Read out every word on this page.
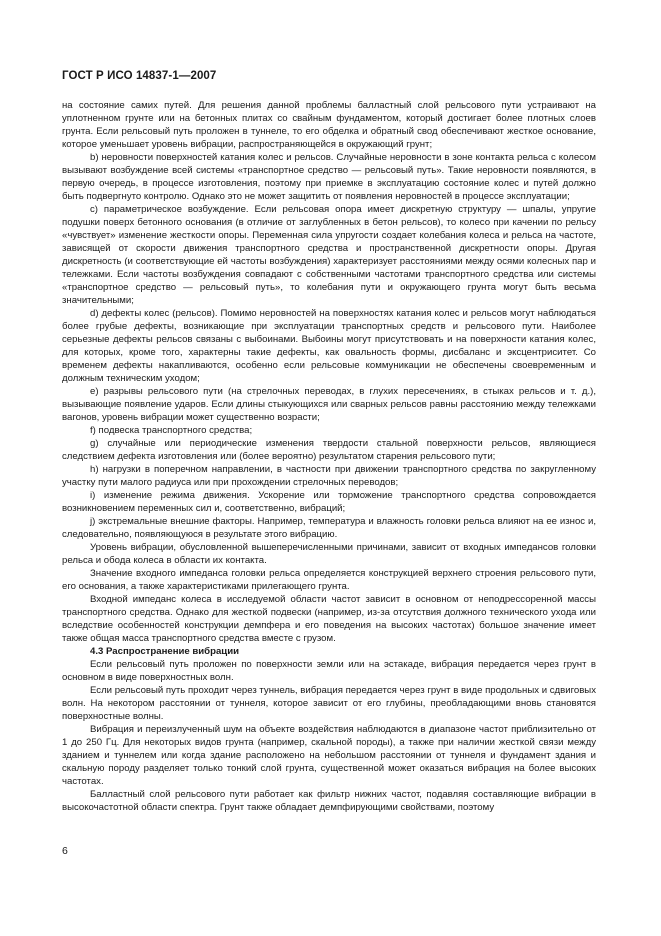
ГОСТ Р ИСО 14837-1—2007

на состояние самих путей. Для решения данной проблемы балластный слой рельсового пути устраивают на уплотненном грунте или на бетонных плитах со свайным фундаментом, который достигает более плотных слоев грунта. Если рельсовый путь проложен в туннеле, то его обделка и обратный свод обеспечивают жесткое основание, которое уменьшает уровень вибрации, распространяющейся в окружающий грунт;

b) неровности поверхностей катания колес и рельсов. Случайные неровности в зоне контакта рельса с колесом вызывают возбуждение всей системы «транспортное средство — рельсовый путь». Такие неровности появляются, в первую очередь, в процессе изготовления, поэтому при приемке в эксплуатацию состояние колес и путей должно быть подвергнуто контролю. Однако это не может защитить от появления неровностей в процессе эксплуатации;

c) параметрическое возбуждение. Если рельсовая опора имеет дискретную структуру — шпалы, упругие подушки поверх бетонного основания (в отличие от заглубленных в бетон рельсов), то колесо при качении по рельсу «чувствует» изменение жесткости опоры. Переменная сила упругости создает колебания колеса и рельса на частоте, зависящей от скорости движения транспортного средства и пространственной дискретности опоры. Другая дискретность (и соответствующие ей частоты возбуждения) характеризует расстояниями между осями колесных пар и тележками. Если частоты возбуждения совпадают с собственными частотами транспортного средства или системы «транспортное средство — рельсовый путь», то колебания пути и окружающего грунта могут быть весьма значительными;

d) дефекты колес (рельсов). Помимо неровностей на поверхностях катания колес и рельсов могут наблюдаться более грубые дефекты, возникающие при эксплуатации транспортных средств и рельсового пути. Наиболее серьезные дефекты рельсов связаны с выбоинами. Выбоины могут присутствовать и на поверхности катания колес, для которых, кроме того, характерны такие дефекты, как овальность формы, дисбаланс и эксцентриситет. Со временем дефекты накапливаются, особенно если рельсовые коммуникации не обеспечены своевременным и должным техническим уходом;

e) разрывы рельсового пути (на стрелочных переводах, в глухих пересечениях, в стыках рельсов и т. д.), вызывающие появление ударов. Если длины стыкующихся или сварных рельсов равны расстоянию между тележками вагонов, уровень вибрации может существенно возрасти;

f) подвеска транспортного средства;

g) случайные или периодические изменения твердости стальной поверхности рельсов, являющиеся следствием дефекта изготовления или (более вероятно) результатом старения рельсового пути;

h) нагрузки в поперечном направлении, в частности при движении транспортного средства по закругленному участку пути малого радиуса или при прохождении стрелочных переводов;

i) изменение режима движения. Ускорение или торможение транспортного средства сопровождается возникновением переменных сил и, соответственно, вибраций;

j) экстремальные внешние факторы. Например, температура и влажность головки рельса влияют на ее износ и, следовательно, появляющуюся в результате этого вибрацию.

Уровень вибрации, обусловленной вышеперечисленными причинами, зависит от входных импедансов головки рельса и обода колеса в области их контакта.

Значение входного импеданса головки рельса определяется конструкцией верхнего строения рельсового пути, его основания, а также характеристиками прилегающего грунта.

Входной импеданс колеса в исследуемой области частот зависит в основном от неподрессоренной массы транспортного средства. Однако для жесткой подвески (например, из-за отсутствия должного технического ухода или вследствие особенностей конструкции демпфера и его поведения на высоких частотах) большое значение имеет также общая масса транспортного средства вместе с грузом.

4.3 Распространение вибрации

Если рельсовый путь проложен по поверхности земли или на эстакаде, вибрация передается через грунт в основном в виде поверхностных волн.

Если рельсовый путь проходит через туннель, вибрация передается через грунт в виде продольных и сдвиговых волн. На некотором расстоянии от туннеля, которое зависит от его глубины, преобладающими вновь становятся поверхностные волны.

Вибрация и переизлученный шум на объекте воздействия наблюдаются в диапазоне частот приблизительно от 1 до 250 Гц. Для некоторых видов грунта (например, скальной породы), а также при наличии жесткой связи между зданием и туннелем или когда здание расположено на небольшом расстоянии от туннеля и фундамент здания и скальную породу разделяет только тонкий слой грунта, существенной может оказаться вибрация на более высоких частотах.

Балластный слой рельсового пути работает как фильтр нижних частот, подавляя составляющие вибрации в высокочастотной области спектра. Грунт также обладает демпфирующими свойствами, поэтому

6
